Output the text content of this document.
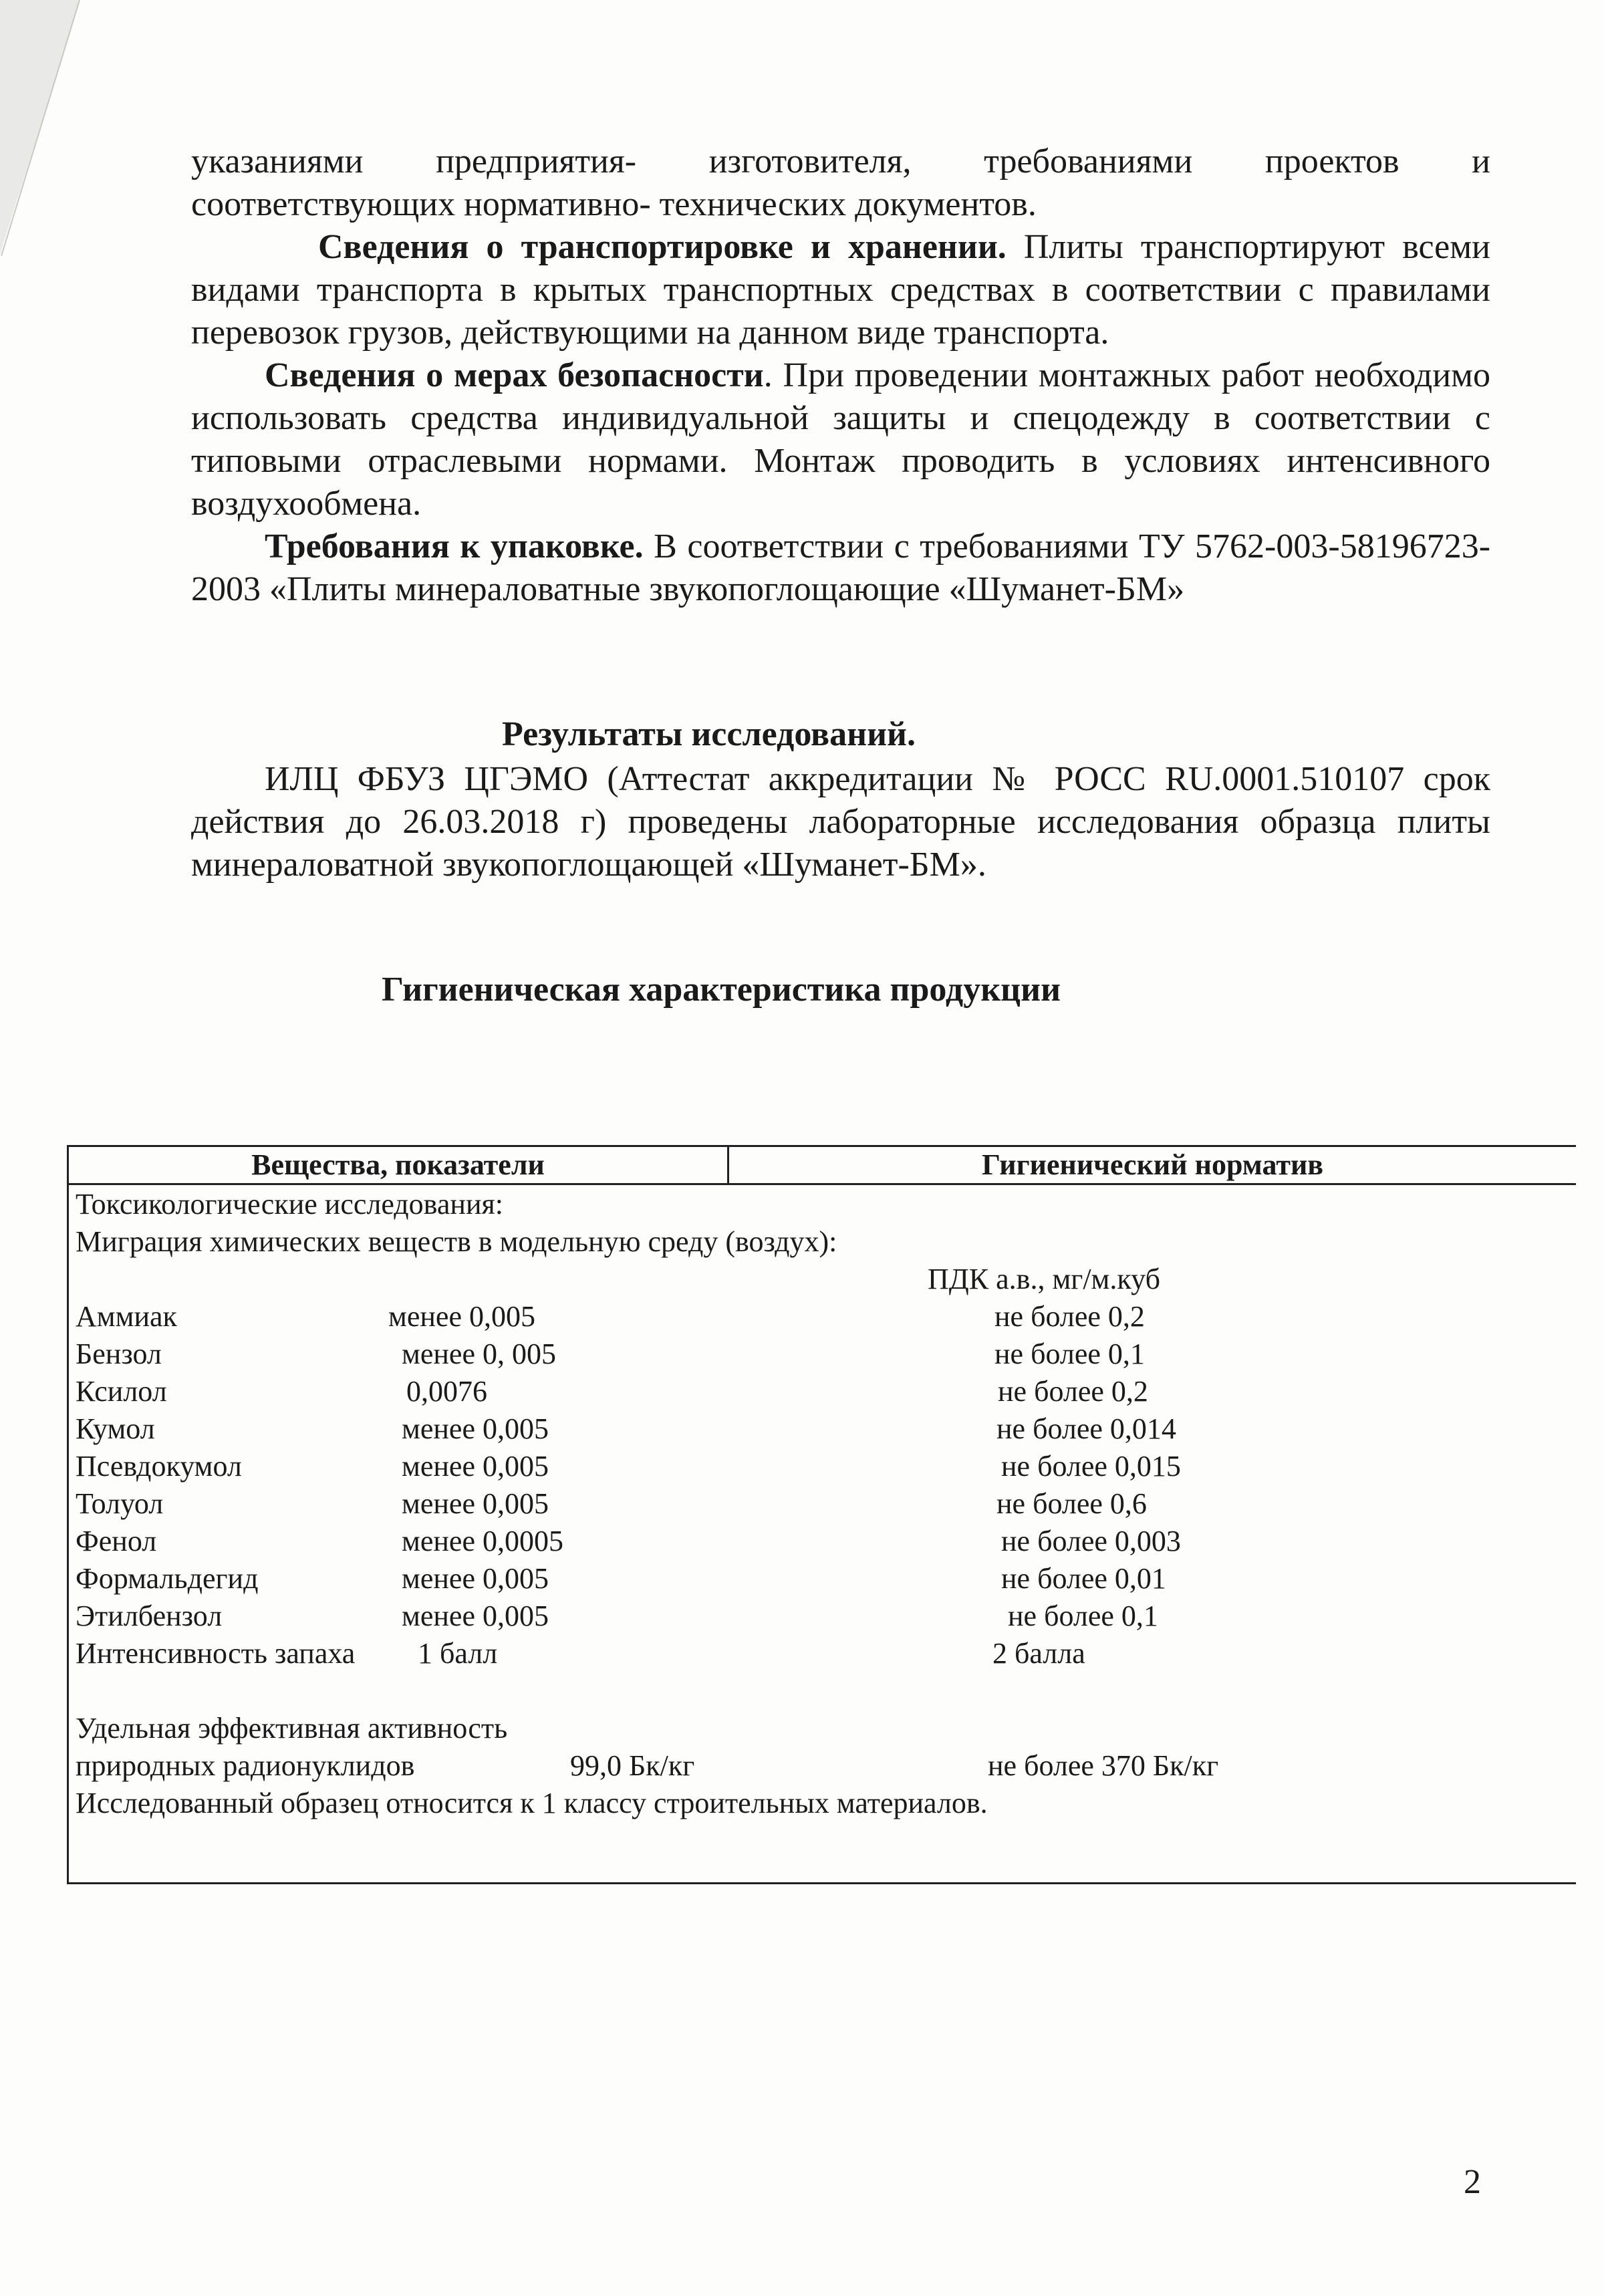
указаниями предприятия- изготовителя, требованиями проектов и

соответствующих нормативно- технических документов.

Сведения о транспортировке и хранении. Плиты транспортируют всеми видами транспорта в крытых транспортных средствах в соответствии с правилами перевозок грузов, действующими на данном виде транспорта.

Сведения о мерах безопасности. При проведении монтажных работ необходимо использовать средства индивидуальной защиты и спецодежду в соответствии с типовыми отраслевыми нормами. Монтаж проводить в условиях интенсивного воздухообмена.

Требования к упаковке. В соответствии с требованиями ТУ 5762-003-58196723-2003 «Плиты минераловатные звукопоглощающие «Шуманет-БМ»

Результаты исследований.

ИЛЦ ФБУЗ ЦГЭМО (Аттестат аккредитации № РОСС RU.0001.510107 срок действия до 26.03.2018 г) проведены лабораторные исследования образца плиты минераловатной звукопоглощающей «Шуманет-БМ».

Гигиеническая характеристика продукции
Вещества, показатели	Гигиенический норматив
Токсикологические исследования:
Миграция химических веществ в модельную среду (воздух):
ПДК а.в., мг/м.куб
Аммиак	менее 0,005	не более 0,2
Бензол	менее 0, 005	не более 0,1
Ксилол	0,0076	не более 0,2
Кумол	менее 0,005	не более 0,014
Псевдокумол	менее 0,005	не более 0,015
Толуол	менее 0,005	не более 0,6
Фенол	менее 0,0005	не более 0,003
Формальдегид	менее 0,005	не более 0,01
Этилбензол	менее 0,005	не более 0,1
Интенсивность запаха 1 балл	2 балла
Удельная эффективная активность
природных радионуклидов	99,0 Бк/кг	не более 370 Бк/кг
Исследованный образец относится к 1 классу строительных материалов.
2
